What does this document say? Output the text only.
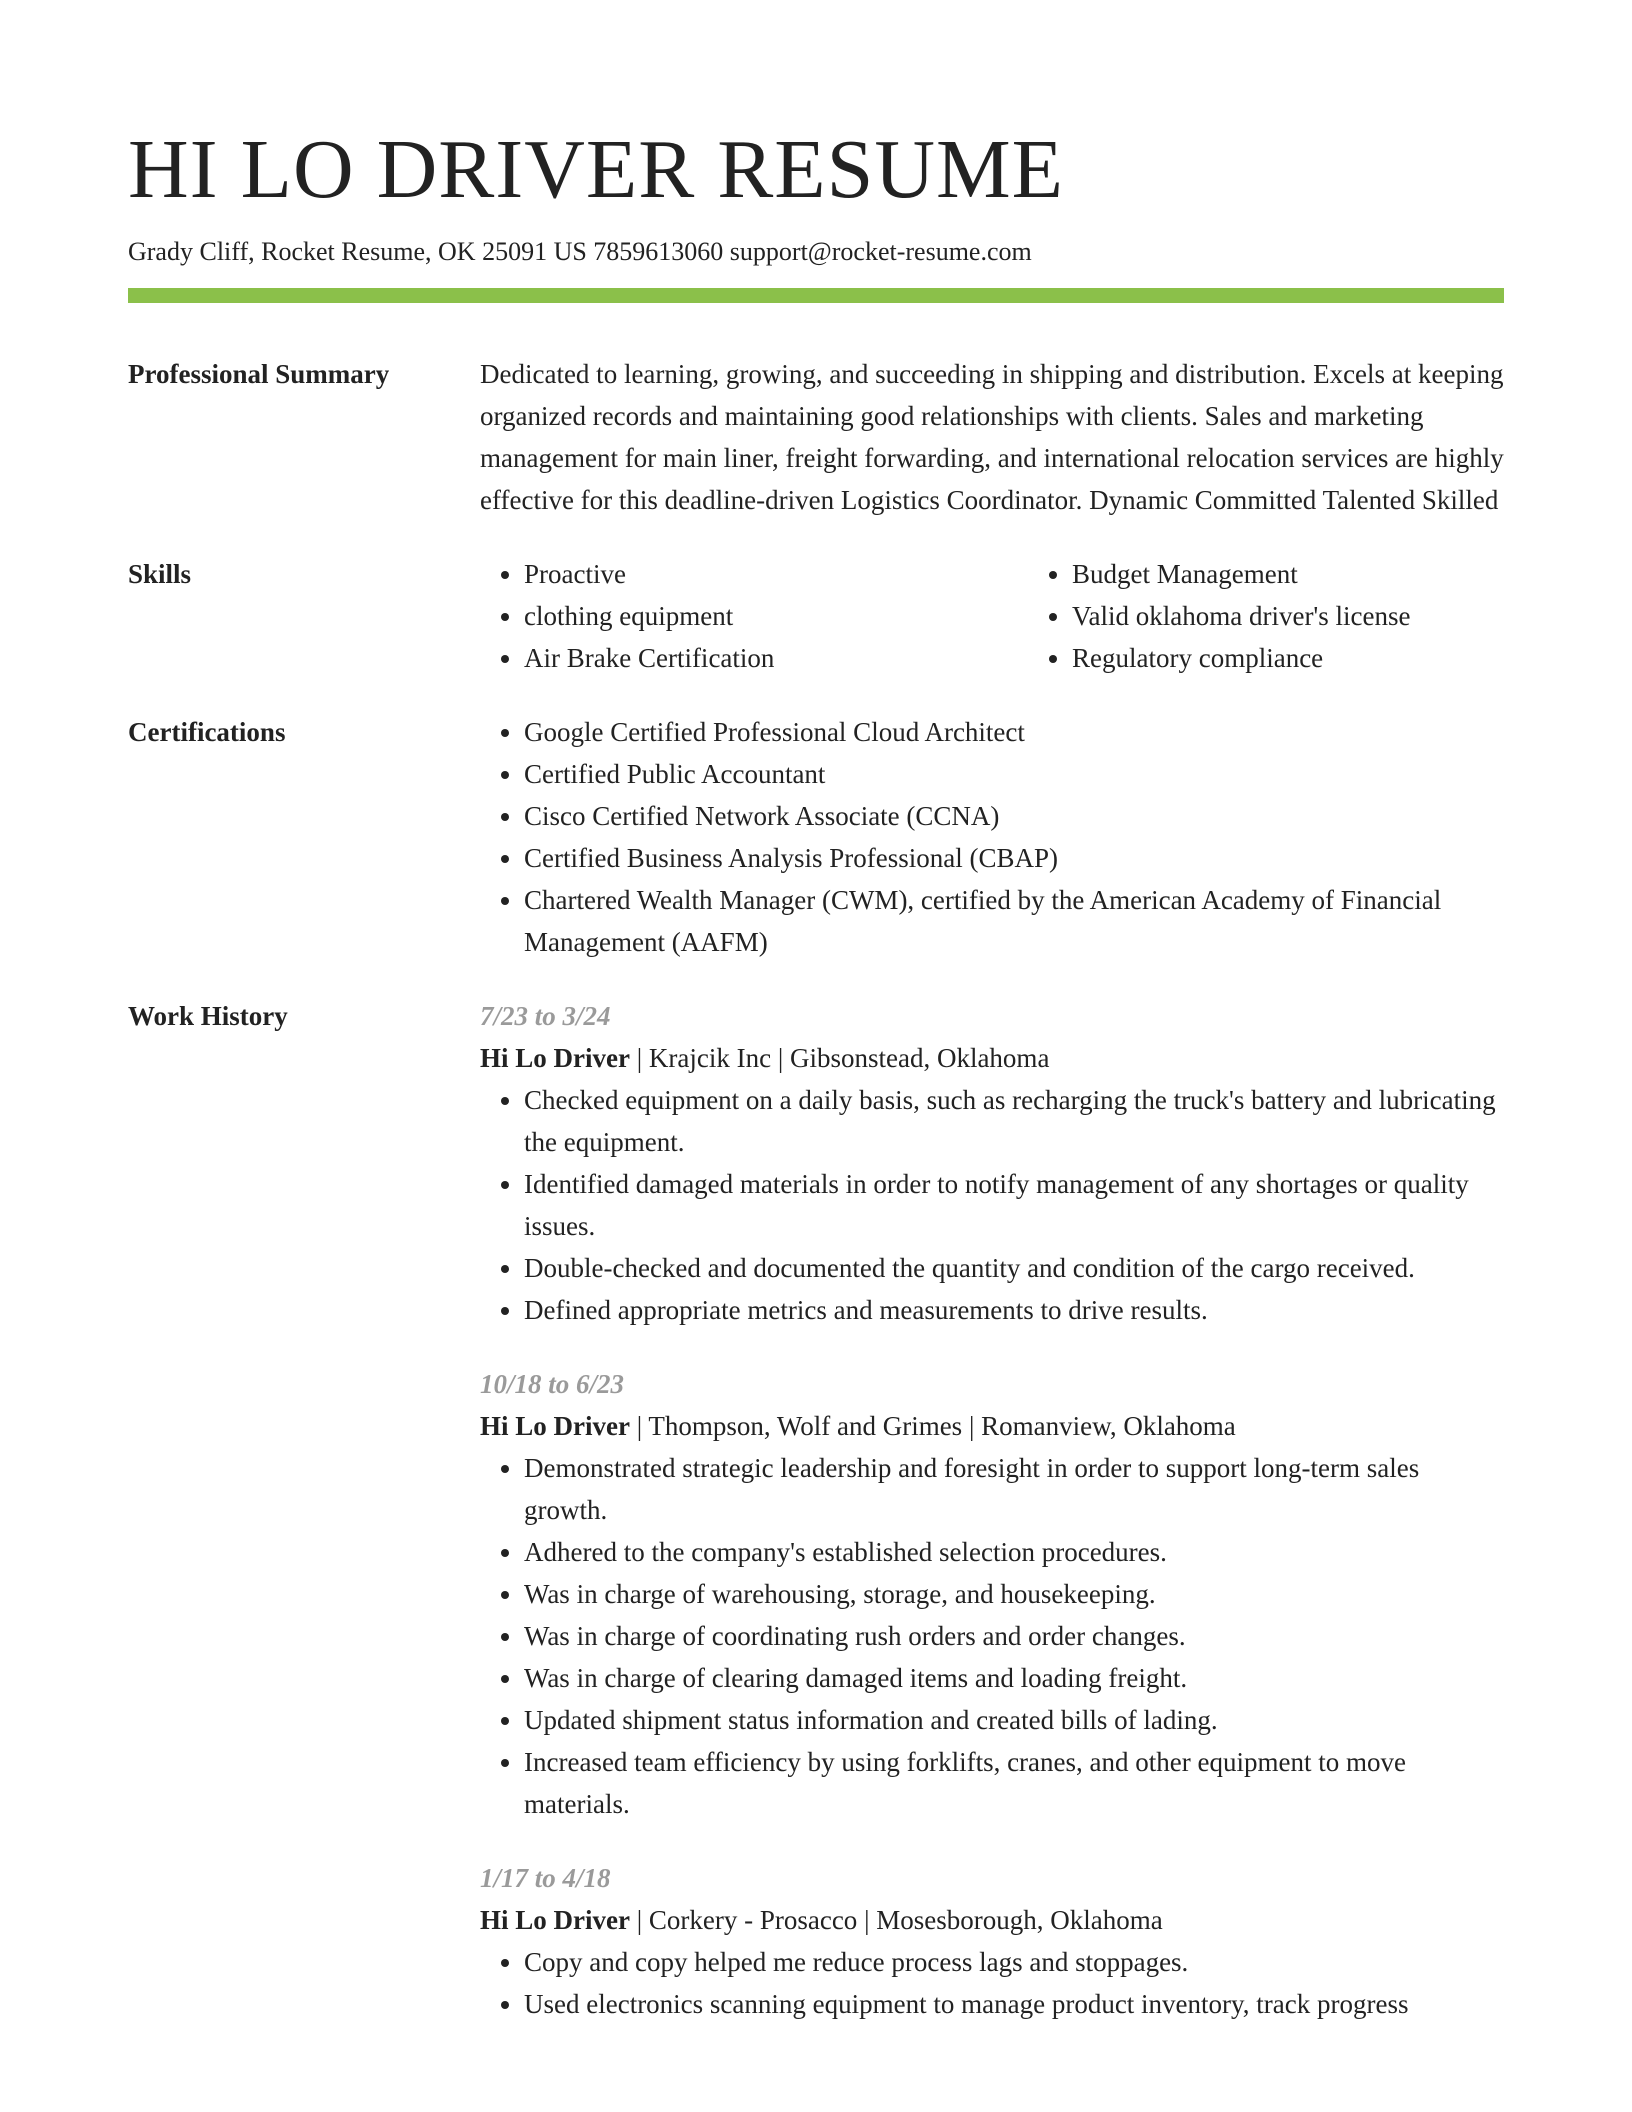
HI LO DRIVER RESUME
Grady Cliff, Rocket Resume, OK 25091 US 7859613060 support@rocket-resume.com
Professional Summary	Dedicated to learning, growing, and succeeding in shipping and distribution. Excels at keeping organized records and maintaining good relationships with clients. Sales and marketing management for main liner, freight forwarding, and international relocation services are highly effective for this deadline-driven Logistics Coordinator. Dynamic Committed Talented Skilled
Skills	• Proactive
• clothing equipment
• Air Brake Certification
• Budget Management
• Valid oklahoma driver's license
• Regulatory compliance
Certifications	• Google Certified Professional Cloud Architect
• Certified Public Accountant
• Cisco Certified Network Associate (CCNA)
• Certified Business Analysis Professional (CBAP)
• Chartered Wealth Manager (CWM), certified by the American Academy of Financial Management (AAFM)
Work History	7/23 to 3/24
Hi Lo Driver | Krajcik Inc | Gibsonstead, Oklahoma
• Checked equipment on a daily basis, such as recharging the truck's battery and lubricating the equipment.
• Identified damaged materials in order to notify management of any shortages or quality issues.
• Double-checked and documented the quantity and condition of the cargo received.
• Defined appropriate metrics and measurements to drive results.
10/18 to 6/23
Hi Lo Driver | Thompson, Wolf and Grimes | Romanview, Oklahoma
• Demonstrated strategic leadership and foresight in order to support long-term sales growth.
• Adhered to the company's established selection procedures.
• Was in charge of warehousing, storage, and housekeeping.
• Was in charge of coordinating rush orders and order changes.
• Was in charge of clearing damaged items and loading freight.
• Updated shipment status information and created bills of lading.
• Increased team efficiency by using forklifts, cranes, and other equipment to move materials.
1/17 to 4/18
Hi Lo Driver | Corkery - Prosacco | Mosesborough, Oklahoma
• Copy and copy helped me reduce process lags and stoppages.
• Used electronics scanning equipment to manage product inventory, track progress
